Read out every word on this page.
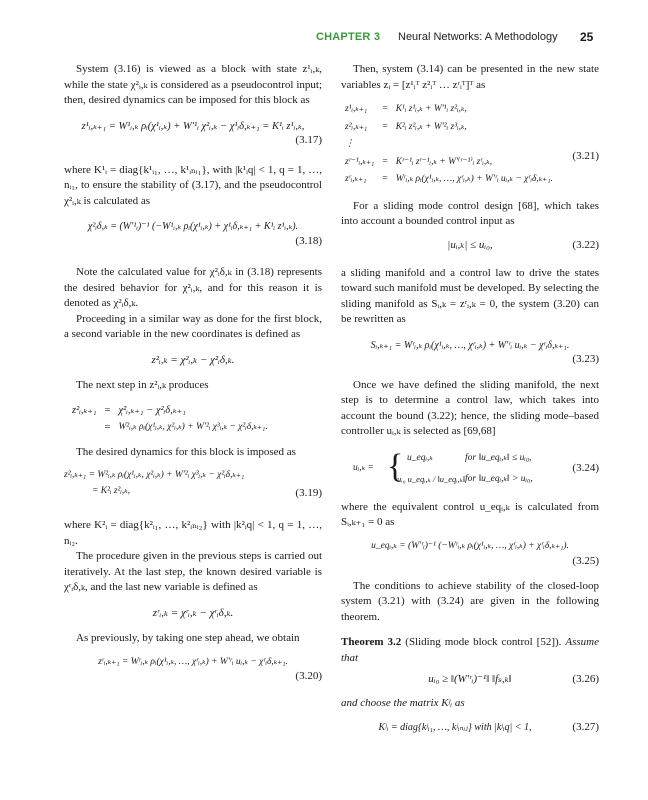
CHAPTER 3 Neural Networks: A Methodology 25

System (3.16) is viewed as a block with state z¹ᵢ,ₖ, while the state χ²ᵢ,ₖ is considered as a pseudocontrol input; then, desired dynamics can be imposed for this block as

z¹ᵢ,ₖ₊₁ = W¹ᵢ,ₖ ρᵢ(χ¹ᵢ,ₖ) + W′¹ᵢ χ²ᵢ,ₖ − χ¹ᵢδ,ₖ₊₁ = K¹ᵢ z¹ᵢ,ₖ,
(3.17)

where K¹ᵢ = diag{k¹ᵢ₁, …, k¹ᵢₙᵢ₁}, with |k¹ᵢq| < 1, q = 1, …, nᵢ₁, to ensure the stability of (3.17), and the pseudocontrol χ²ᵢ,ₖ is calculated as

χ²ᵢδ,ₖ = (W′¹ᵢ)⁻¹ (−W¹ᵢ,ₖ ρᵢ(χ¹ᵢ,ₖ) + χ¹ᵢδ,ₖ₊₁ + K¹ᵢ z¹ᵢ,ₖ).
(3.18)

Note the calculated value for χ²ᵢδ,ₖ in (3.18) represents the desired behavior for χ²ᵢ,ₖ, and for this reason it is denoted as χ²ᵢδ,ₖ.

Proceeding in a similar way as done for the first block, a second variable in the new coordinates is defined as

z²ᵢ,ₖ = χ²ᵢ,ₖ − χ²ᵢδ,ₖ.

The next step in z²ᵢ,ₖ produces

z²ᵢ,ₖ₊₁	=	χ²ᵢ,ₖ₊₁ − χ²ᵢδ,ₖ₊₁
	=	W²ᵢ,ₖ ρᵢ(χ¹ᵢ,ₖ, χ²ᵢ,ₖ) + W′²ᵢ χ³ᵢ,ₖ − χ²ᵢδ,ₖ₊₁.

The desired dynamics for this block is imposed as

z²ᵢ,ₖ₊₁ = W²ᵢ,ₖ ρᵢ(χ¹ᵢ,ₖ, χ²ᵢ,ₖ) + W′²ᵢ χ³ᵢ,ₖ − χ²ᵢδ,ₖ₊₁
= K²ᵢ z²ᵢ,ₖ,	(3.19)

where K²ᵢ = diag{k²ᵢ₁, …, k²ᵢₙᵢ₂} with |k²ᵢq| < 1, q = 1, …, nᵢ₂.

The procedure given in the previous steps is carried out iteratively. At the last step, the known desired variable is χʳᵢδ,ₖ, and the last new variable is defined as

zʳᵢ,ₖ = χʳᵢ,ₖ − χʳᵢδ,ₖ.

As previously, by taking one step ahead, we obtain

zʳᵢ,ₖ₊₁ = Wʳᵢ,ₖ ρᵢ(χ¹ᵢ,ₖ, …, χʳᵢ,ₖ) + W′ʳᵢ uᵢ,ₖ − χʳᵢδ,ₖ₊₁.
(3.20)

Then, system (3.14) can be presented in the new state variables zᵢ = [z¹ᵢᵀ z²ᵢᵀ … zʳᵢᵀ]ᵀ as

z¹ᵢ,ₖ₊₁	=	K¹ᵢ z¹ᵢ,ₖ + W′¹ᵢ z²ᵢ,ₖ,
z²ᵢ,ₖ₊₁	=	K²ᵢ z²ᵢ,ₖ + W′²ᵢ z³ᵢ,ₖ,
⋮		
zʳ⁻¹ᵢ,ₖ₊₁	=	Kʳ⁻¹ᵢ zʳ⁻¹ᵢ,ₖ + W′⁽ʳ⁻¹⁾ᵢ zʳᵢ,ₖ,
zʳᵢ,ₖ₊₁	=	Wʳᵢ,ₖ ρᵢ(χ¹ᵢ,ₖ, …, χʳᵢ,ₖ) + W′ʳᵢ uᵢ,ₖ − χʳᵢδ,ₖ₊₁.
(3.21)

For a sliding mode control design [68], which takes into account a bounded control input as

|uᵢ,ₖ| ≤ uᵢ₀,	(3.22)

a sliding manifold and a control law to drive the states toward such manifold must be developed. By selecting the sliding manifold as Sᵢ,ₖ = zʳᵢ,ₖ = 0, the system (3.20) can be rewritten as

Sᵢ,ₖ₊₁ = Wʳᵢ,ₖ ρᵢ(χ¹ᵢ,ₖ, …, χʳᵢ,ₖ) + W′ʳᵢ uᵢ,ₖ − χʳᵢδ,ₖ₊₁.
(3.23)

Once we have defined the sliding manifold, the next step is to determine a control law, which takes into account the bound (3.22); hence, the sliding mode–based controller uᵢ,ₖ is selected as [69,68]

uᵢ,ₖ = { u_eqᵢ,ₖ	for ‖u_eqᵢ,ₖ‖ ≤ uᵢ₀,
uᵢ₀ u_eqᵢ,ₖ / ‖u_eqᵢ,ₖ‖ for ‖u_eqᵢ,ₖ‖ > uᵢ₀,
(3.24)

where the equivalent control u_eqᵢ,ₖ is calculated from Sᵢ,ₖ₊₁ = 0 as

u_eqᵢ,ₖ = (W′ʳᵢ)⁻¹ (−Wʳᵢ,ₖ ρᵢ(χ¹ᵢ,ₖ, …, χʳᵢ,ₖ) + χʳᵢδ,ₖ₊₁).
(3.25)

The conditions to achieve stability of the closed-loop system (3.21) with (3.24) are given in the following theorem.

Theorem 3.2 (Sliding mode block control [52]). Assume that

uᵢ₀ ≥ ‖(W′ʳᵢ)⁻¹‖ ‖fₛ,ₖ‖	(3.26)

and choose the matrix Kʲᵢ as

Kʲᵢ = diag{kʲᵢ₁, …, kʲᵢₙᵢⱼ} with |kʲᵢq| < 1,	(3.27)
